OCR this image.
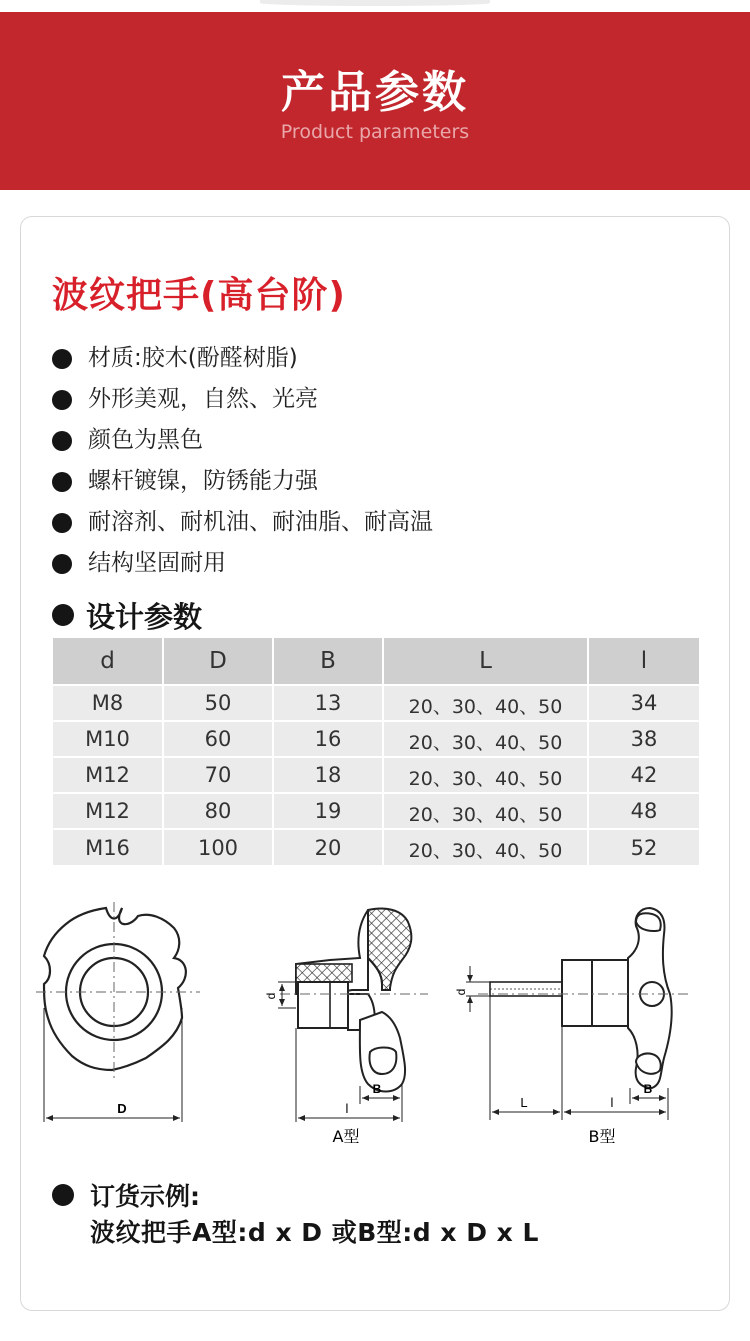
产品参数
Product parameters
波纹把手(高台阶)
材质:胶木(酚醛树脂)
外形美观，自然、光亮
颜色为黑色
螺杆镀镍，防锈能力强
耐溶剂、耐机油、耐油脂、耐高温
结构坚固耐用
设计参数
d	D	B	L	l
M8	50	13	20、30、40、50	34
M10	60	16	20、30、40、50	38
M12	70	18	20、30、40、50	42
M12	80	19	20、30、40、50	48
M16	100	20	20、30、40、50	52
D
d
B
l
A型
d
L	l
B
B型
订货示例:
波纹把手A型:d x D 或B型:d x D x L
